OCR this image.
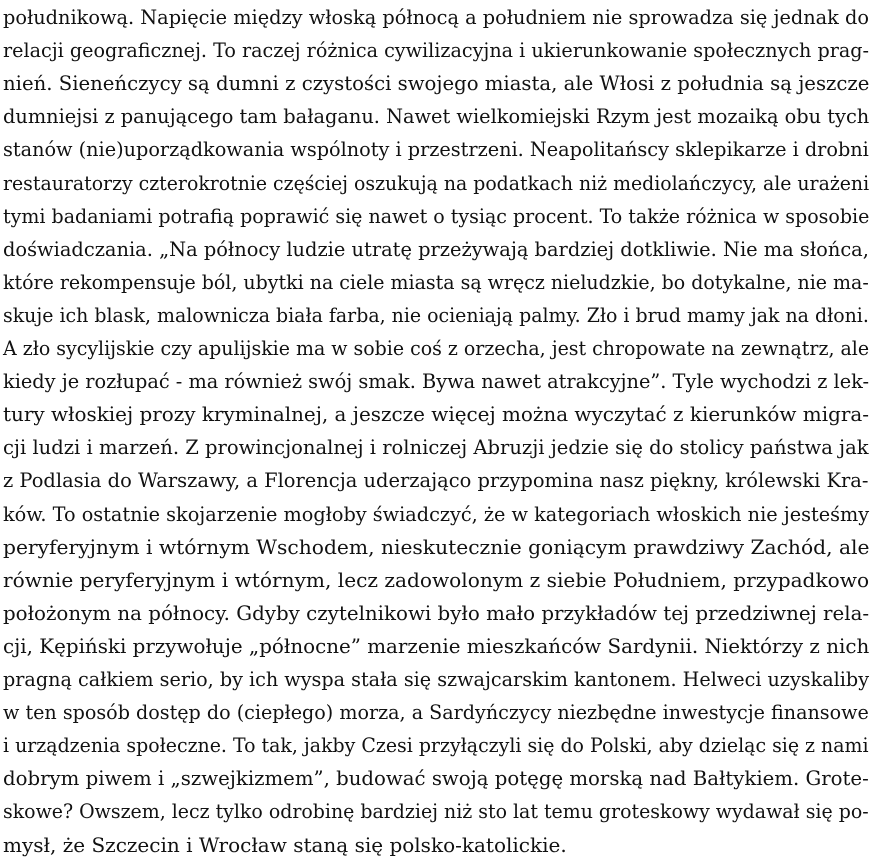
południkową. Napięcie między włoską północą a południem nie sprowadza się jednak do
relacji geograficznej. To raczej różnica cywilizacyjna i ukierunkowanie społecznych prag-
nień. Sieneńczycy są dumni z czystości swojego miasta, ale Włosi z południa są jeszcze
dumniejsi z panującego tam bałaganu. Nawet wielkomiejski Rzym jest mozaiką obu tych
stanów (nie)uporządkowania wspólnoty i przestrzeni. Neapolitańscy sklepikarze i drobni
restauratorzy czterokrotnie częściej oszukują na podatkach niż mediolańczycy, ale urażeni
tymi badaniami potrafią poprawić się nawet o tysiąc procent. To także różnica w sposobie
doświadczania. „Na północy ludzie utratę przeżywają bardziej dotkliwie. Nie ma słońca,
które rekompensuje ból, ubytki na ciele miasta są wręcz nieludzkie, bo dotykalne, nie ma-
skuje ich blask, malownicza biała farba, nie ocieniają palmy. Zło i brud mamy jak na dłoni.
A zło sycylijskie czy apulijskie ma w sobie coś z orzecha, jest chropowate na zewnątrz, ale
kiedy je rozłupać - ma również swój smak. Bywa nawet atrakcyjne”. Tyle wychodzi z lek-
tury włoskiej prozy kryminalnej, a jeszcze więcej można wyczytać z kierunków migra-
cji ludzi i marzeń. Z prowincjonalnej i rolniczej Abruzji jedzie się do stolicy państwa jak
z Podlasia do Warszawy, a Florencja uderzająco przypomina nasz piękny, królewski Kra-
ków. To ostatnie skojarzenie mogłoby świadczyć, że w kategoriach włoskich nie jesteśmy
peryferyjnym i wtórnym Wschodem, nieskutecznie goniącym prawdziwy Zachód, ale
równie peryferyjnym i wtórnym, lecz zadowolonym z siebie Południem, przypadkowo
położonym na północy. Gdyby czytelnikowi było mało przykładów tej przedziwnej rela-
cji, Kępiński przywołuje „północne” marzenie mieszkańców Sardynii. Niektórzy z nich
pragną całkiem serio, by ich wyspa stała się szwajcarskim kantonem. Helweci uzyskaliby
w ten sposób dostęp do (ciepłego) morza, a Sardyńczycy niezbędne inwestycje finansowe
i urządzenia społeczne. To tak, jakby Czesi przyłączyli się do Polski, aby dzieląc się z nami
dobrym piwem i „szwejkizmem”, budować swoją potęgę morską nad Bałtykiem. Grote-
skowe? Owszem, lecz tylko odrobinę bardziej niż sto lat temu groteskowy wydawał się po-
mysł, że Szczecin i Wrocław staną się polsko-katolickie.
